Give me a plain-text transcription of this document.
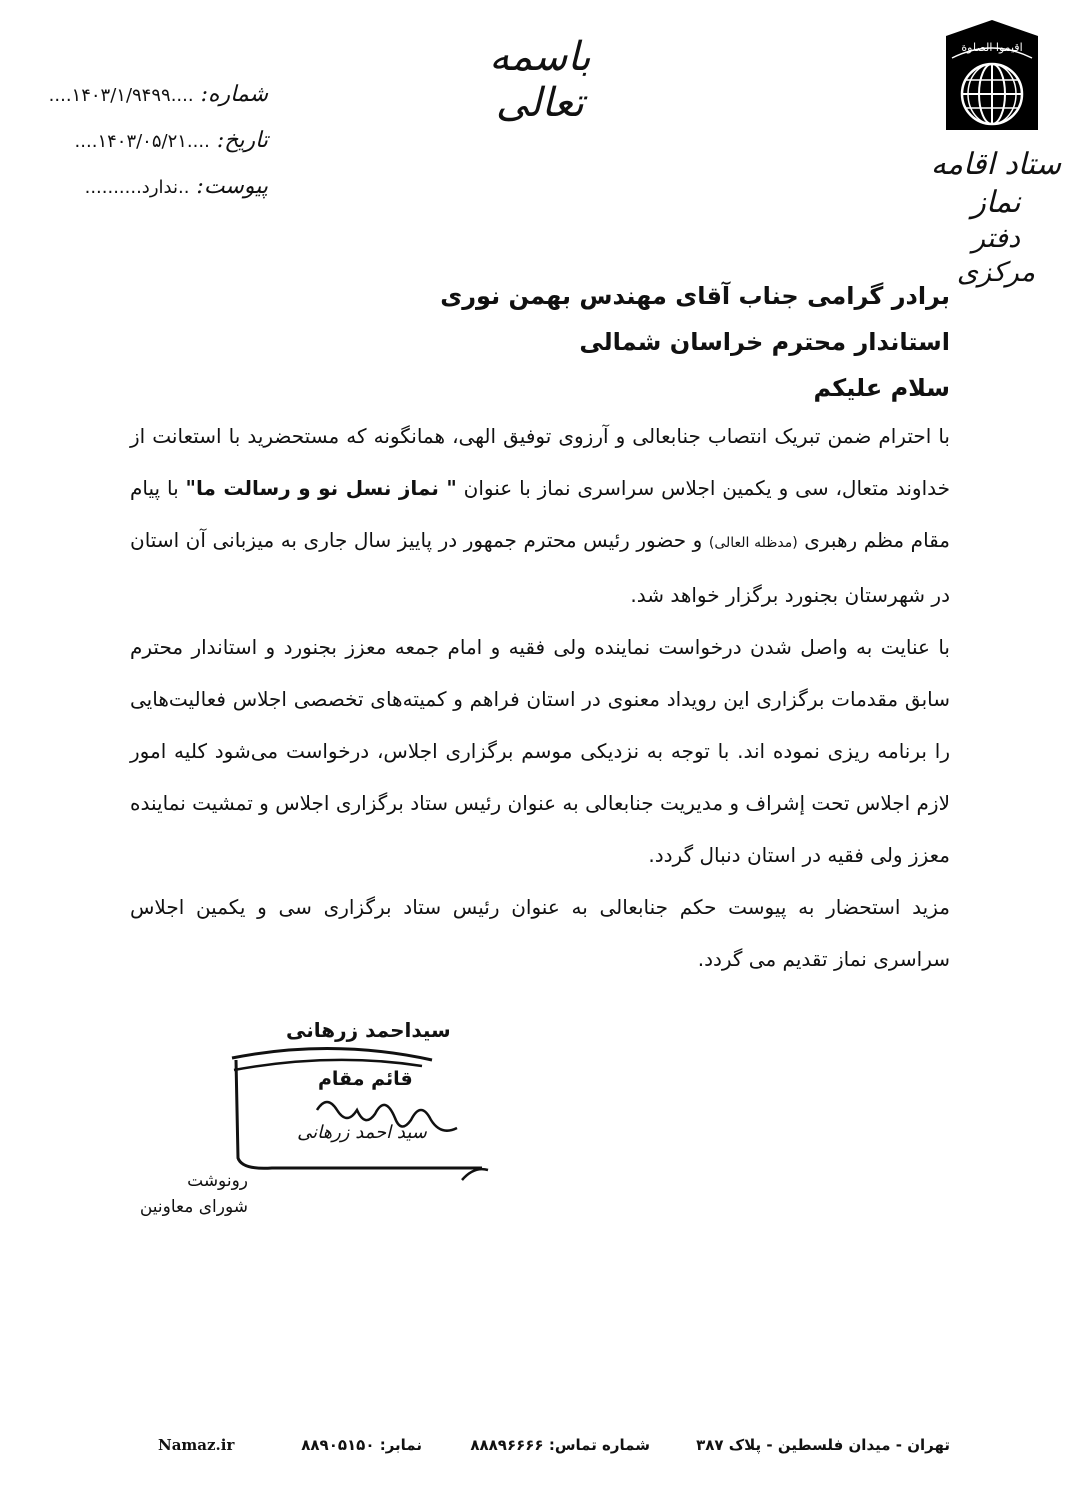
باسمه تعالی
اقیموا الصلوة
ستاد اقامه نماز
دفتر مرکزی
شماره: ....۱۴۰۳/۱/۹۴۹۹....
تاریخ: ....۱۴۰۳/۰۵/۲۱....
پیوست: ..ندارد..........
برادر گرامی جناب آقای مهندس بهمن نوری
استاندار محترم خراسان شمالی
سلام علیکم

با احترام ضمن تبریک انتصاب جنابعالی و آرزوی توفیق الهی، همانگونه که مستحضرید با استعانت از خداوند متعال، سی و یکمین اجلاس سراسری نماز با عنوان " نماز نسل نو و رسالت ما" با پیام مقام مظم رهبری (مدظله العالی) و حضور رئیس محترم جمهور در پاییز سال جاری به میزبانی آن استان در شهرستان بجنورد برگزار خواهد شد.

با عنایت به واصل شدن درخواست نماینده ولی فقیه و امام جمعه معزز بجنورد و استاندار محترم سابق مقدمات برگزاری این رویداد معنوی در استان فراهم و کمیته‌های تخصصی اجلاس فعالیت‌هایی را برنامه ریزی نموده اند. با توجه به نزدیکی موسم برگزاری اجلاس، درخواست می‌شود کلیه امور لازم اجلاس تحت إشراف و مدیریت جنابعالی به عنوان رئیس ستاد برگزاری اجلاس و تمشیت نماینده معزز ولی فقیه در استان دنبال گردد.

مزید استحضار به پیوست حکم جنابعالی به عنوان رئیس ستاد برگزاری سی و یکمین اجلاس سراسری نماز تقدیم می گردد.

سید احمد زرهانی
سیداحمد زرهانی
قائم مقام
رونوشت
شورای معاونین
تهران - میدان فلسطین - پلاک ۳۸۷
شماره تماس: ۸۸۸۹۶۶۶۶
نمابر: ۸۸۹۰۵۱۵۰
Namaz.ir
